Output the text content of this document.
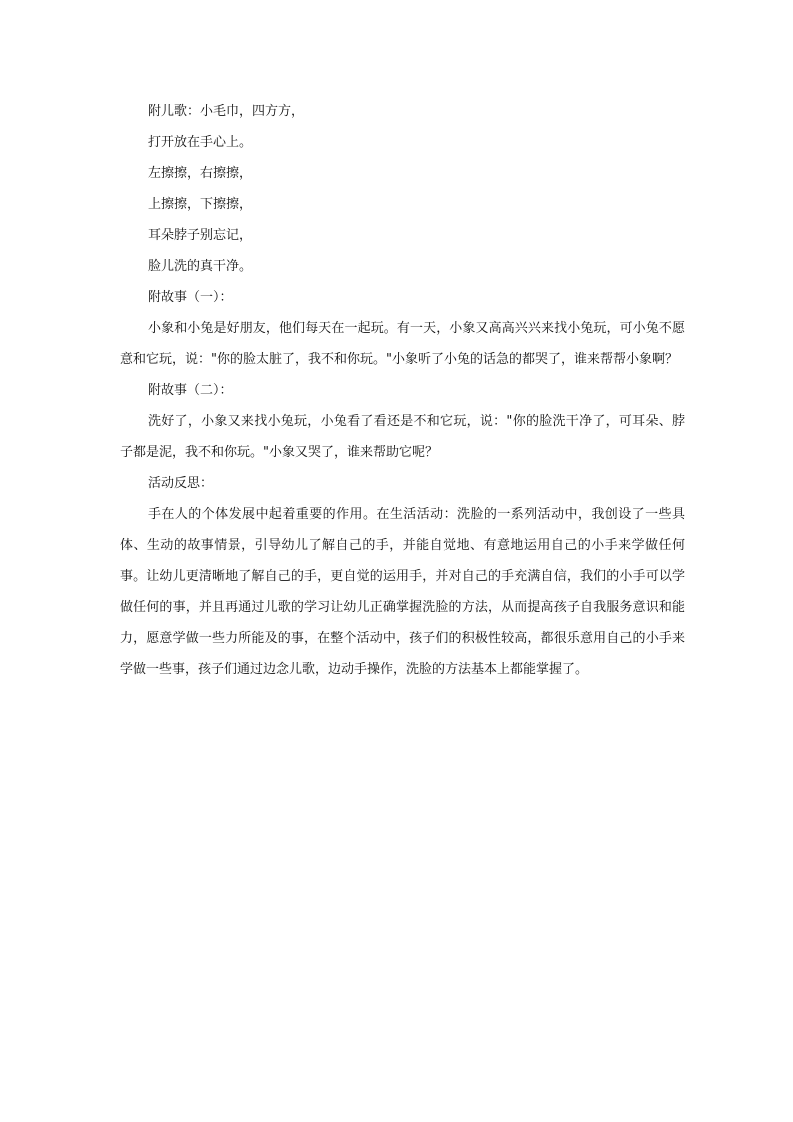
附儿歌：小毛巾，四方方，
打开放在手心上。
左擦擦，右擦擦，
上擦擦，下擦擦，
耳朵脖子别忘记，
脸儿洗的真干净。
附故事（一）：

小象和小兔是好朋友，他们每天在一起玩。有一天，小象又高高兴兴来找小兔玩，可小兔不愿意和它玩，说："你的脸太脏了，我不和你玩。"小象听了小兔的话急的都哭了，谁来帮帮小象啊？

附故事（二）：

洗好了，小象又来找小兔玩，小兔看了看还是不和它玩，说："你的脸洗干净了，可耳朵、脖子都是泥，我不和你玩。"小象又哭了，谁来帮助它呢？

活动反思：

手在人的个体发展中起着重要的作用。在生活活动：洗脸的一系列活动中，我创设了一些具体、生动的故事情景，引导幼儿了解自己的手，并能自觉地、有意地运用自己的小手来学做任何事。让幼儿更清晰地了解自己的手，更自觉的运用手，并对自己的手充满自信，我们的小手可以学做任何的事，并且再通过儿歌的学习让幼儿正确掌握洗脸的方法，从而提高孩子自我服务意识和能力，愿意学做一些力所能及的事，在整个活动中，孩子们的积极性较高，都很乐意用自己的小手来学做一些事，孩子们通过边念儿歌，边动手操作，洗脸的方法基本上都能掌握了。
